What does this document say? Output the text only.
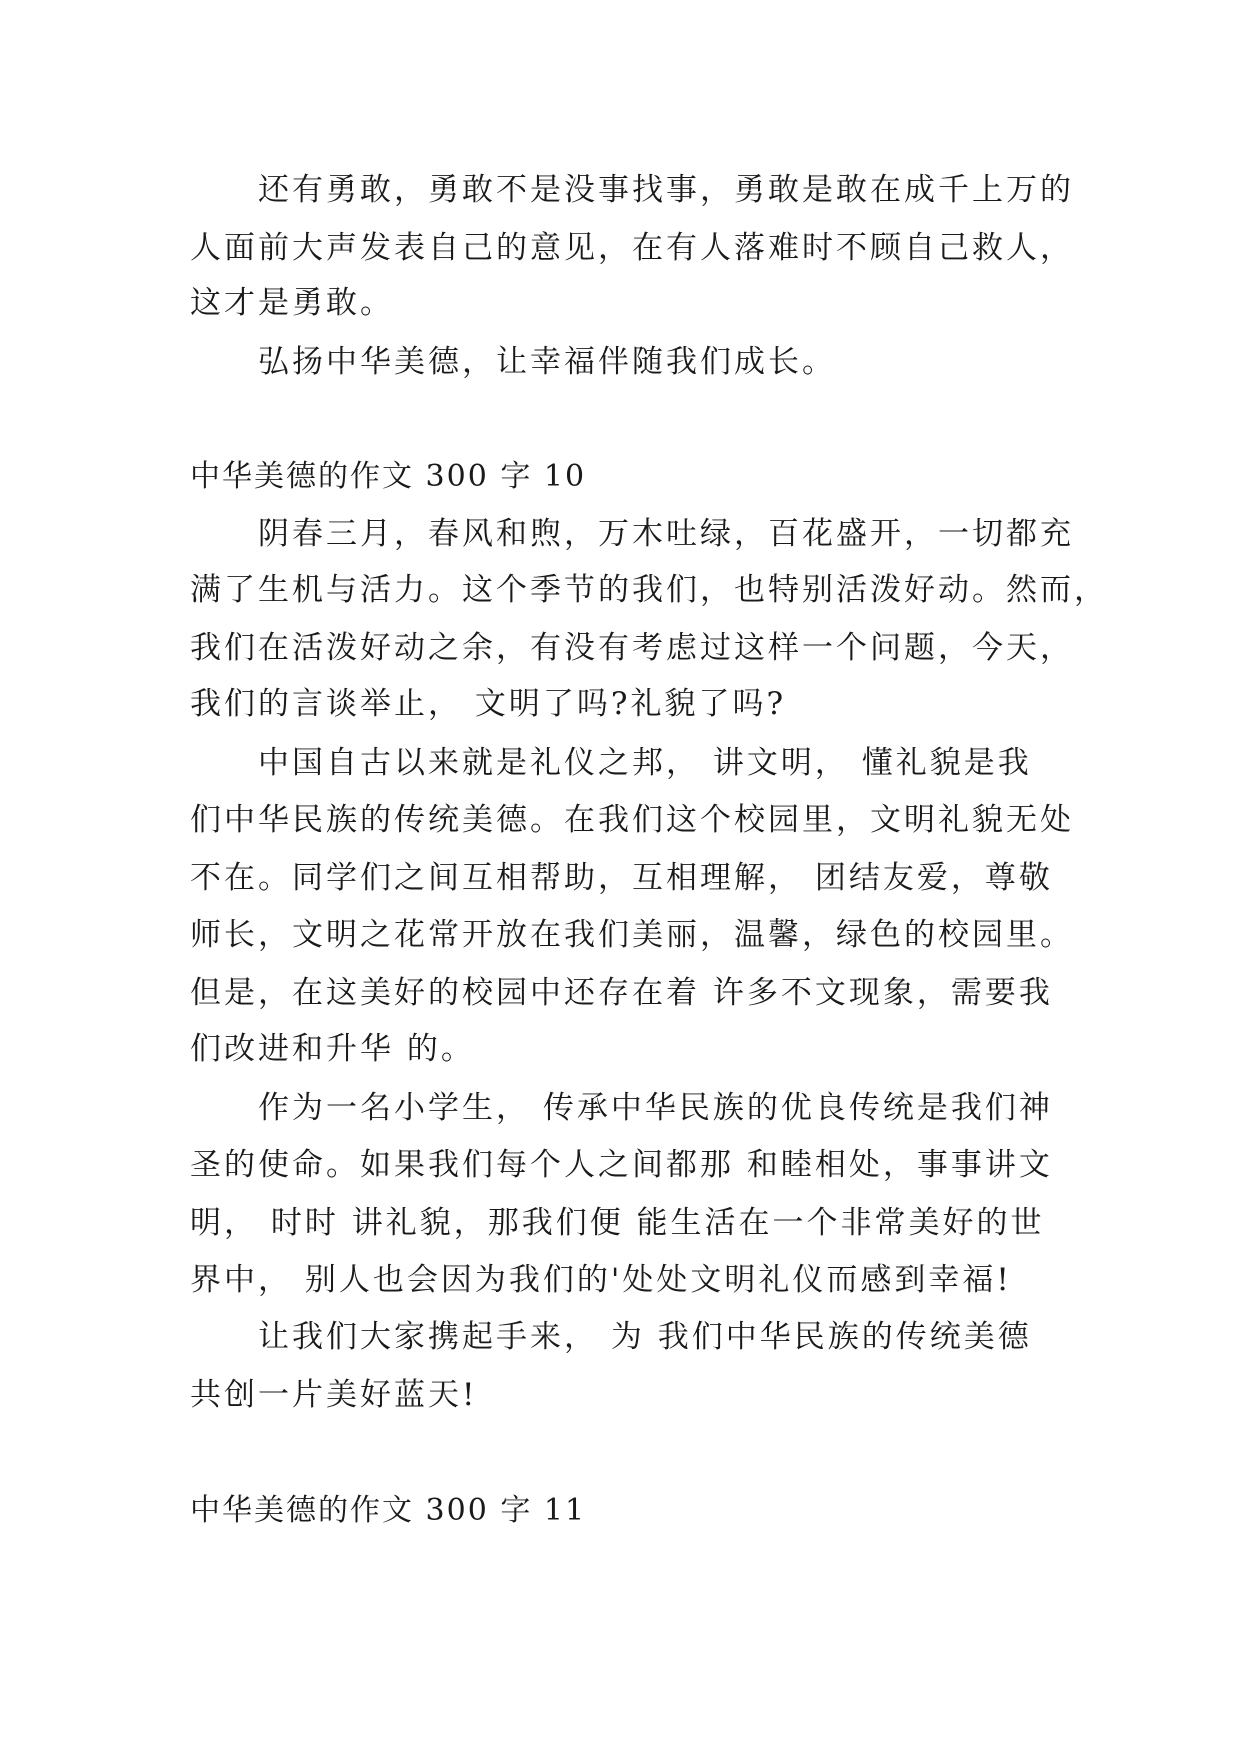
还有勇敢，勇敢不是没事找事，勇敢是敢在成千上万的

人面前大声发表自己的意见，在有人落难时不顾自己救人，

这才是勇敢。

弘扬中华美德，让幸福伴随我们成长。

中华美德的作文 300 字 10

阴春三月，春风和煦，万木吐绿，百花盛开，一切都充

满了生机与活力。这个季节的我们，也特别活泼好动。然而，

我们在活泼好动之余，有没有考虑过这样一个问题，今天，

我们的言谈举止， 文明了吗?礼貌了吗?

中国自古以来就是礼仪之邦， 讲文明， 懂礼貌是我

们中华民族的传统美德。在我们这个校园里，文明礼貌无处

不在。同学们之间互相帮助，互相理解， 团结友爱，尊敬

师长，文明之花常开放在我们美丽，温馨，绿色的校园里。

但是，在这美好的校园中还存在着 许多不文现象，需要我

们改进和升华 的。

作为一名小学生， 传承中华民族的优良传统是我们神

圣的使命。如果我们每个人之间都那 和睦相处，事事讲文

明， 时时 讲礼貌，那我们便 能生活在一个非常美好的世

界中， 别人也会因为我们的'处处文明礼仪而感到幸福!

让我们大家携起手来， 为 我们中华民族的传统美德

共创一片美好蓝天!

中华美德的作文 300 字 11
